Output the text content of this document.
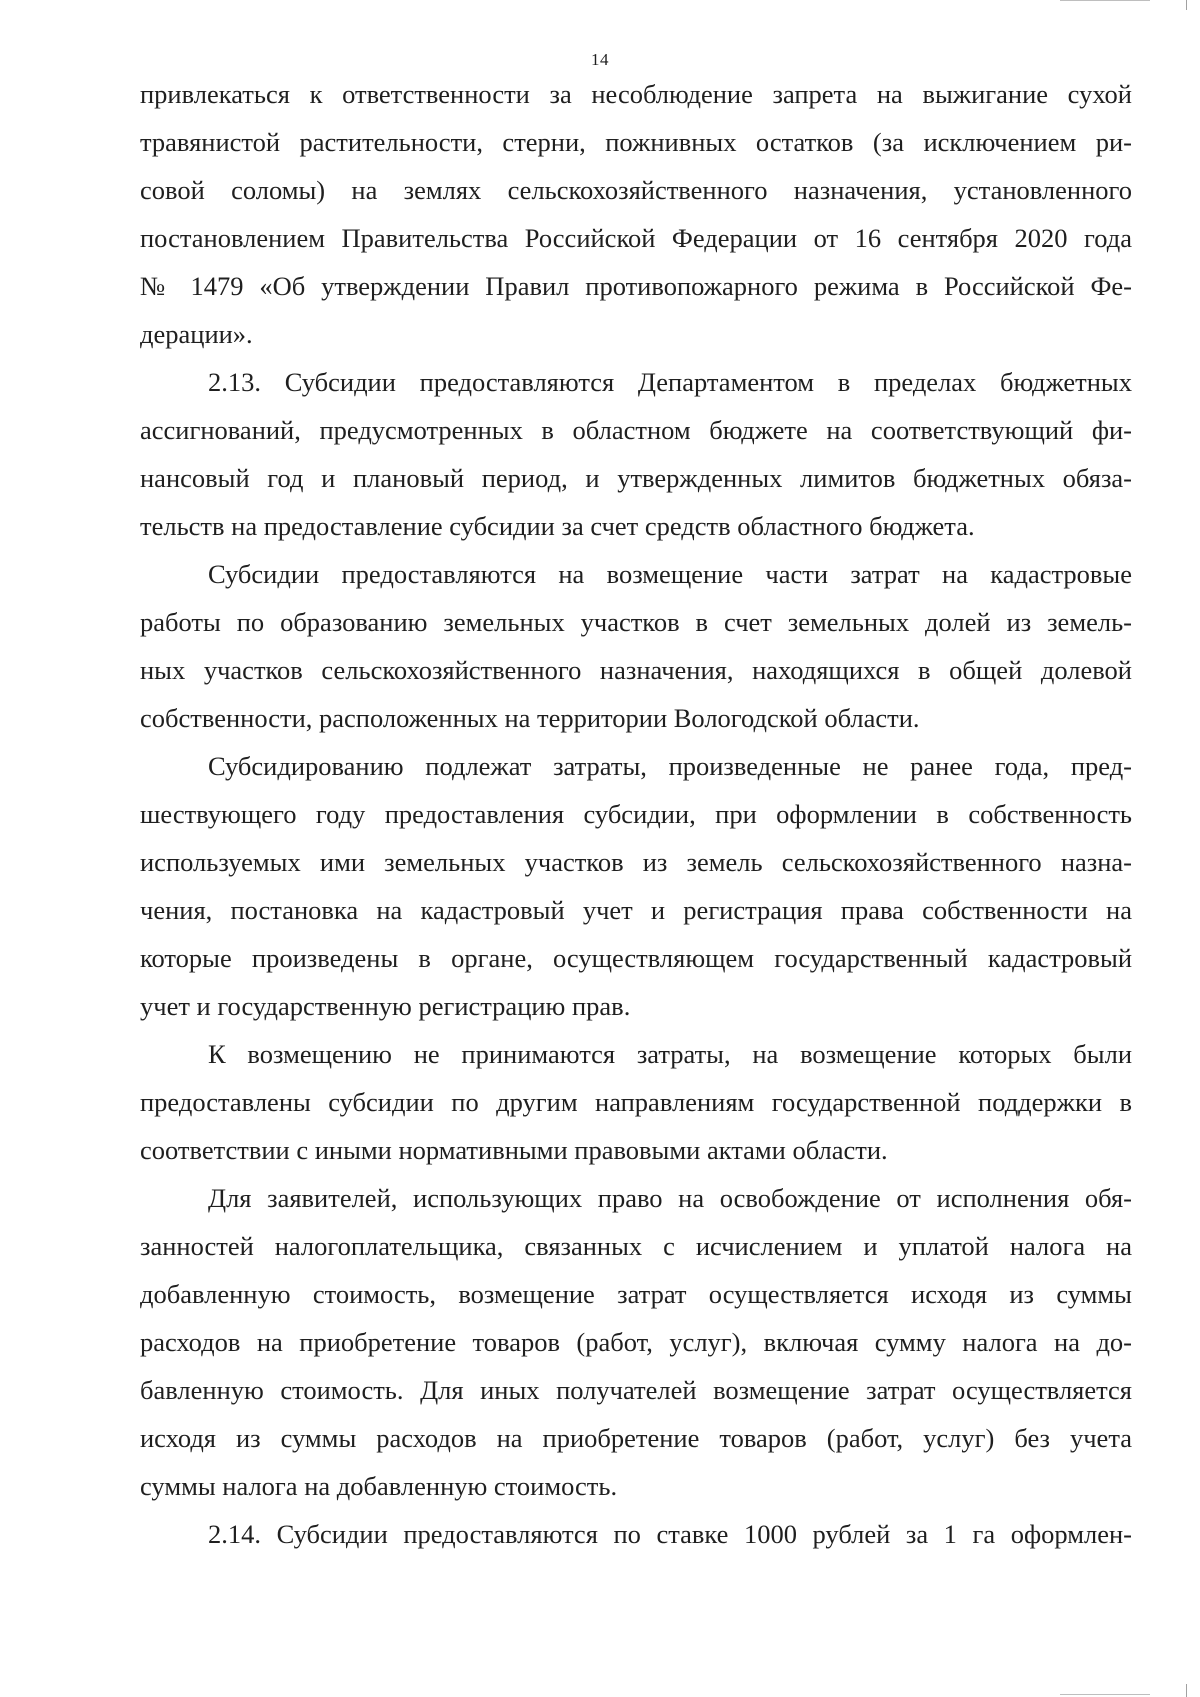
14
привлекаться к ответственности за несоблюдение запрета на выжигание сухой
травянистой растительности, стерни, пожнивных остатков (за исключением ри-
совой соломы) на землях сельскохозяйственного назначения, установленного
постановлением Правительства Российской Федерации от 16 сентября 2020 года
№ 1479 «Об утверждении Правил противопожарного режима в Российской Фе-
дерации».
2.13. Субсидии предоставляются Департаментом в пределах бюджетных
ассигнований, предусмотренных в областном бюджете на соответствующий фи-
нансовый год и плановый период, и утвержденных лимитов бюджетных обяза-
тельств на предоставление субсидии за счет средств областного бюджета.
Субсидии предоставляются на возмещение части затрат на кадастровые
работы по образованию земельных участков в счет земельных долей из земель-
ных участков сельскохозяйственного назначения, находящихся в общей долевой
собственности, расположенных на территории Вологодской области.
Субсидированию подлежат затраты, произведенные не ранее года, пред-
шествующего году предоставления субсидии, при оформлении в собственность
используемых ими земельных участков из земель сельскохозяйственного назна-
чения, постановка на кадастровый учет и регистрация права собственности на
которые произведены в органе, осуществляющем государственный кадастровый
учет и государственную регистрацию прав.
К возмещению не принимаются затраты, на возмещение которых были
предоставлены субсидии по другим направлениям государственной поддержки в
соответствии с иными нормативными правовыми актами области.
Для заявителей, использующих право на освобождение от исполнения обя-
занностей налогоплательщика, связанных с исчислением и уплатой налога на
добавленную стоимость, возмещение затрат осуществляется исходя из суммы
расходов на приобретение товаров (работ, услуг), включая сумму налога на до-
бавленную стоимость. Для иных получателей возмещение затрат осуществляется
исходя из суммы расходов на приобретение товаров (работ, услуг) без учета
суммы налога на добавленную стоимость.
2.14. Субсидии предоставляются по ставке 1000 рублей за 1 га оформлен-
